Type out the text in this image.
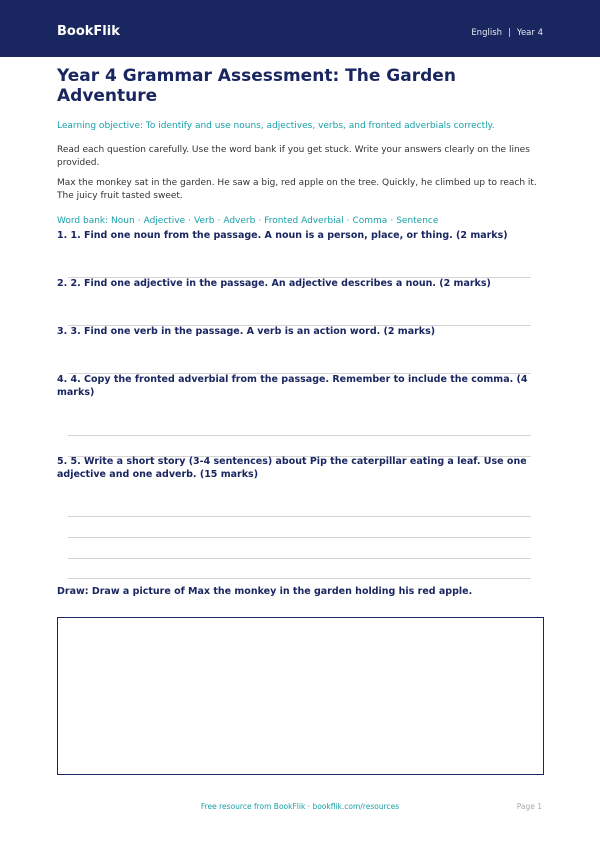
BookFlik	English | Year 4
Year 4 Grammar Assessment: The Garden Adventure
Learning objective: To identify and use nouns, adjectives, verbs, and fronted adverbials correctly.
Read each question carefully. Use the word bank if you get stuck. Write your answers clearly on the lines provided.
Max the monkey sat in the garden. He saw a big, red apple on the tree. Quickly, he climbed up to reach it. The juicy fruit tasted sweet.
Word bank: Noun · Adjective · Verb · Adverb · Fronted Adverbial · Comma · Sentence
1. 1. Find one noun from the passage. A noun is a person, place, or thing. (2 marks)
2. 2. Find one adjective in the passage. An adjective describes a noun. (2 marks)
3. 3. Find one verb in the passage. A verb is an action word. (2 marks)
4. 4. Copy the fronted adverbial from the passage. Remember to include the comma. (4 marks)
5. 5. Write a short story (3-4 sentences) about Pip the caterpillar eating a leaf. Use one adjective and one adverb. (15 marks)
Draw: Draw a picture of Max the monkey in the garden holding his red apple.
Free resource from BookFlik · bookflik.com/resources	Page 1
